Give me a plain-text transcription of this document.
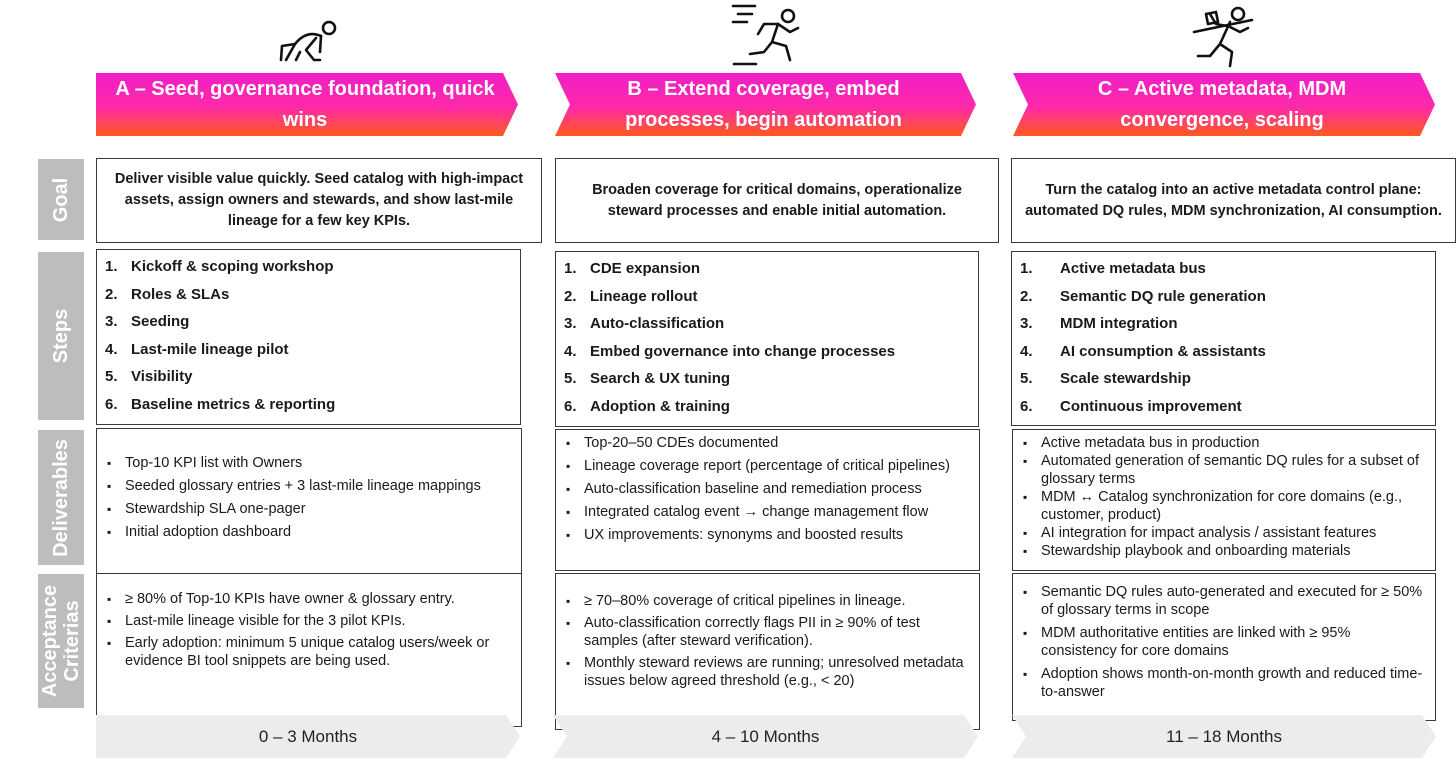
A – Seed, governance foundation, quick wins
B – Extend coverage, embed processes, begin automation
C – Active metadata, MDM convergence, scaling
Goal
Steps
Deliverables
Acceptance Criterias
Deliver visible value quickly. Seed catalog with high-impact assets, assign owners and stewards, and show last-mile lineage for a few key KPIs.
1. Kickoff & scoping workshop
2. Roles & SLAs
3. Seeding
4. Last-mile lineage pilot
5. Visibility
6. Baseline metrics & reporting
▪ Top-10 KPI list with Owners
▪ Seeded glossary entries + 3 last-mile lineage mappings
▪ Stewardship SLA one-pager
▪ Initial adoption dashboard
▪ ≥ 80% of Top-10 KPIs have owner & glossary entry.
▪ Last-mile lineage visible for the 3 pilot KPIs.
▪ Early adoption: minimum 5 unique catalog users/week or evidence BI tool snippets are being used.
Broaden coverage for critical domains, operationalize steward processes and enable initial automation.
1. CDE expansion
2. Lineage rollout
3. Auto-classification
4. Embed governance into change processes
5. Search & UX tuning
6. Adoption & training
▪ Top-20–50 CDEs documented
▪ Lineage coverage report (percentage of critical pipelines)
▪ Auto-classification baseline and remediation process
▪ Integrated catalog event → change management flow
▪ UX improvements: synonyms and boosted results
▪ ≥ 70–80% coverage of critical pipelines in lineage.
▪ Auto-classification correctly flags PII in ≥ 90% of test samples (after steward verification).
▪ Monthly steward reviews are running; unresolved metadata issues below agreed threshold (e.g., < 20)
Turn the catalog into an active metadata control plane: automated DQ rules, MDM synchronization, AI consumption.
1. Active metadata bus
2. Semantic DQ rule generation
3. MDM integration
4. AI consumption & assistants
5. Scale stewardship
6. Continuous improvement
▪ Active metadata bus in production
▪ Automated generation of semantic DQ rules for a subset of glossary terms
▪ MDM ↔ Catalog synchronization for core domains (e.g., customer, product)
▪ AI integration for impact analysis / assistant features
▪ Stewardship playbook and onboarding materials
▪ Semantic DQ rules auto-generated and executed for ≥ 50% of glossary terms in scope
▪ MDM authoritative entities are linked with ≥ 95% consistency for core domains
▪ Adoption shows month-on-month growth and reduced time-to-answer
0 – 3 Months	4 – 10 Months	11 – 18 Months
